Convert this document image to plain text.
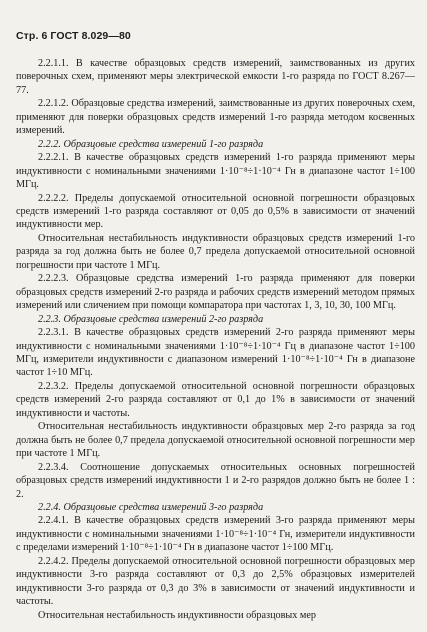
Стр. 6 ГОСТ 8.029—80

2.2.1.1. В качестве образцовых средств измерений, заимствованных из других поверочных схем, применяют меры электрической емкости 1-го разряда по ГОСТ 8.267—77.

2.2.1.2. Образцовые средства измерений, заимствованные из других поверочных схем, применяют для поверки образцовых средств измерений 1-го разряда методом косвенных измерений.

2.2.2. Образцовые средства измерений 1-го разряда

2.2.2.1. В качестве образцовых средств измерений 1-го разряда применяют меры индуктивности с номинальными значениями 1·10⁻⁸÷1·10⁻⁴ Гн в диапазоне частот 1÷100 МГц.

2.2.2.2. Пределы допускаемой относительной основной погрешности образцовых средств измерений 1-го разряда составляют от 0,05 до 0,5% в зависимости от значений индуктивности мер.

Относительная нестабильность индуктивности образцовых средств измерений 1-го разряда за год должна быть не более 0,7 предела допускаемой относительной основной погрешности при частоте 1 МГц.

2.2.2.3. Образцовые средства измерений 1-го разряда применяют для поверки образцовых средств измерений 2-го разряда и рабочих средств измерений методом прямых измерений или сличением при помощи компаратора при частотах 1, 3, 10, 30, 100 МГц.

2.2.3. Образцовые средства измерений 2-го разряда

2.2.3.1. В качестве образцовых средств измерений 2-го разряда применяют меры индуктивности с номинальными значениями 1·10⁻⁸÷1·10⁻⁴ Гц в диапазоне частот 1÷100 МГц, измерители индуктивности с диапазоном измерений 1·10⁻⁸÷1·10⁻⁴ Гн в диапазоне частот 1÷10 МГц.

2.2.3.2. Пределы допускаемой относительной основной погрешности образцовых средств измерений 2-го разряда составляют от 0,1 до 1% в зависимости от значений индуктивности и частоты.

Относительная нестабильность индуктивности образцовых мер 2-го разряда за год должна быть не более 0,7 предела допускаемой относительной основной погрешности мер при частоте 1 МГц.

2.2.3.4. Соотношение допускаемых относительных основных погрешностей образцовых средств измерений индуктивности 1 и 2-го разрядов должно быть не более 1 : 2.

2.2.4. Образцовые средства измерений 3-го разряда

2.2.4.1. В качестве образцовых средств измерений 3-го разряда применяют меры индуктивности с номинальными значениями 1·10⁻⁸÷1·10⁻⁴ Гн, измерители индуктивности с пределами измерений 1·10⁻⁸÷1·10⁻⁴ Гн в диапазоне частот 1÷100 МГц.

2.2.4.2. Пределы допускаемой относительной основной погрешности образцовых мер индуктивности 3-го разряда составляют от 0,3 до 2,5% образцовых измерителей индуктивности 3-го разряда от 0,3 до 3% в зависимости от значений индуктивности и частоты.

Относительная нестабильность индуктивности образцовых мер
